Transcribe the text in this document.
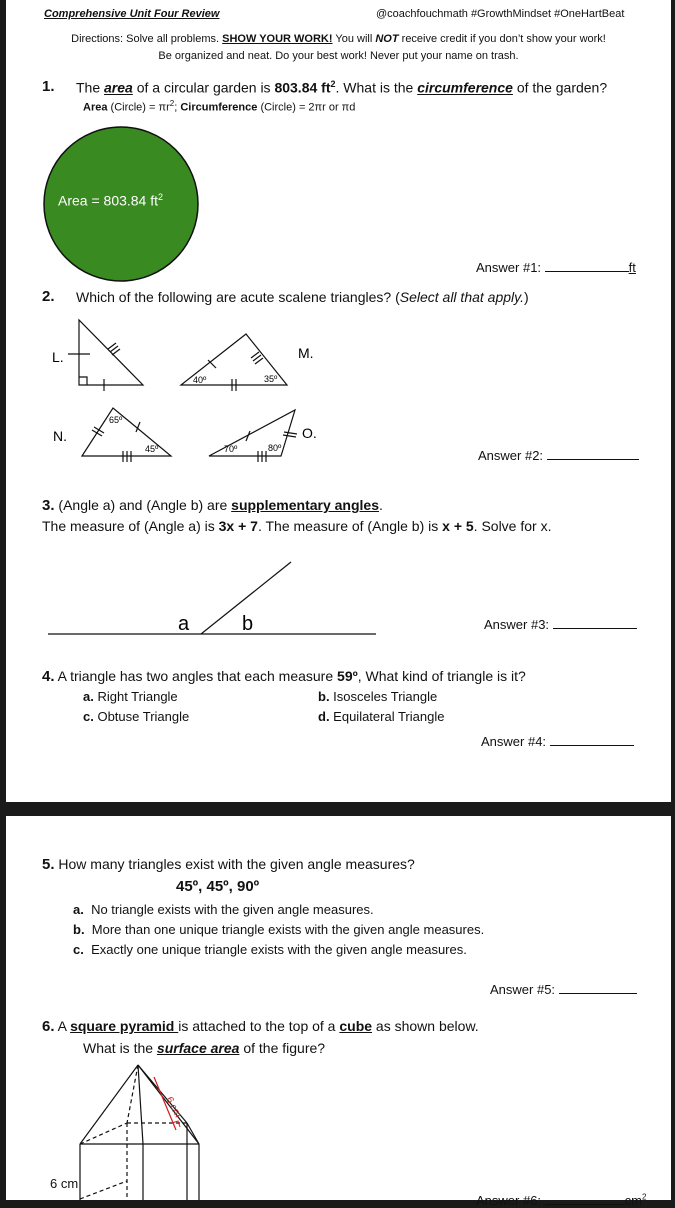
Comprehensive Unit Four Review	@coachfouchmath #GrowthMindset #OneHartBeat
Directions: Solve all problems. SHOW YOUR WORK! You will NOT receive credit if you don’t show your work!
Be organized and neat. Do your best work! Never put your name on trash.
1. The area of a circular garden is 803.84 $ft^2$. What is the circumference of the garden?
Area (Circle) = $\pi r^2$; Circumference (Circle) = 2πr or πd
Area = 803.84 $ft^2$
Answer #1:	ft
2. Which of the following are acute scalene triangles? (Select all that apply.)
L.	M.
N.	O.
40º	35º
65º
45º	70º	80º	Answer #2:
3. (Angle a) and (Angle b) are supplementary angles.
The measure of (Angle a) is 3x + 7. The measure of (Angle b) is x + 5. Solve for x.
a	b	Answer #3:
4. A triangle has two angles that each measure 59º, What kind of triangle is it?
a. Right Triangle	b. Isosceles Triangle
c. Obtuse Triangle	d. Equilateral Triangle
Answer #4:
5. How many triangles exist with the given angle measures?
45º, 45º, 90º
a. No triangle exists with the given angle measures.
b. More than one unique triangle exists with the given angle measures.
c. Exactly one unique triangle exists with the given angle measures.
Answer #5:
6. A square pyramid is attached to the top of a cube as shown below.
What is the surface area of the figure?
6 cm
6 cm
Answer #6:	$cm^2$
